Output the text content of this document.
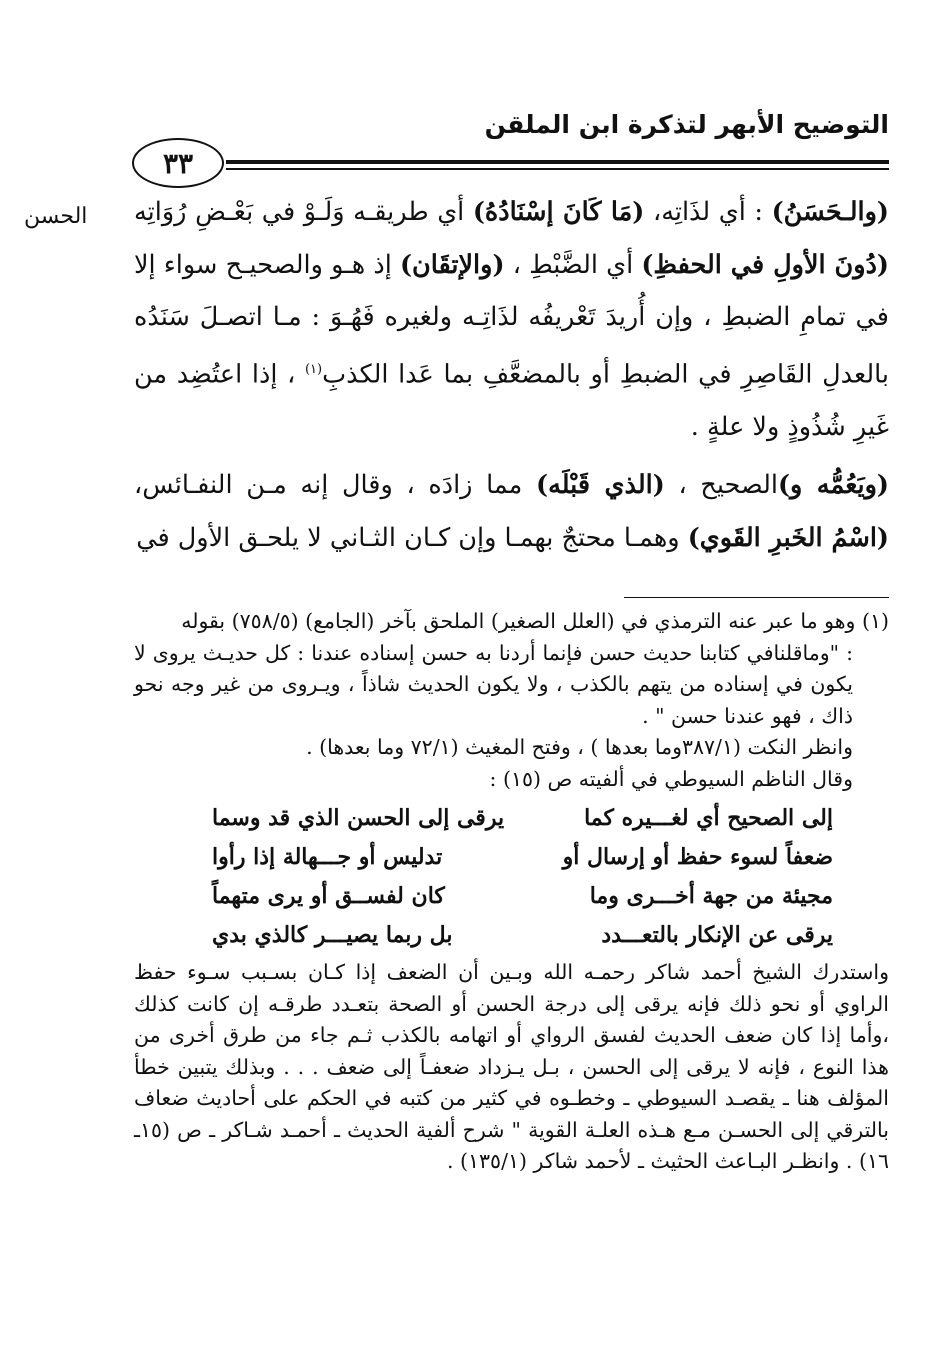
التوضيح الأبهر لتذكرة ابن الملقن
٣٣
الحسن	(والـحَسَنُ) : أي لذَاتِه، (مَا كَانَ إسْنَادُهُ) أي طريقـه وَلَـوْ في بَعْـضِ رُوَاتِه (دُونَ الأولِ في الحفظِ) أي الضَّبْطِ ، (والإتقَان) إذ هـو والصحيـح سواء إلا في تمامِ الضبطِ ، وإن أُريدَ تَعْريفُه لذَاتِـه ولغيره فَهُـوَ : مـا اتصـلَ سَنَدُه بالعدلِ القَاصِرِ في الضبطِ أو بالمضعَّفِ بما عَدا الكذبِ$^{(١)}$ ، إذا اعتُضِد من غَيرِ شُذُوذٍ ولا علةٍ .

(ويَعُمُّه و)الصحيح ، (الذي قَبْلَه) مما زادَه ، وقال إنه مـن النفـائس، (اسْمُ الخَبرِ القَوي) وهمـا محتجٌ بهمـا وإن كـان الثـاني لا يلحـق الأول في

(١) وهو ما عبر عنه الترمذي في (العلل الصغير) الملحق بآخر (الجامع) (٧٥٨/٥) بقوله

: "وماقلنافي كتابنا حديث حسن فإنما أردنا به حسن إسناده عندنا : كل حديـث يروى لا يكون في إسناده من يتهم بالكذب ، ولا يكون الحديث شاذاً ، ويـروى من غير وجه نحو ذاك ، فهو عندنا حسن " .

وانظر النكت (٣٨٧/١وما بعدها ) ، وفتح المغيث (٧٢/١ وما بعدها) .

وقال الناظم السيوطي في ألفيته ص (١٥) :

إلى الصحيح أي لغـــيره كما
يرقى إلى الحسن الذي قد وسما
ضعفاً لسوء حفظ أو إرسال أو
تدليس أو جـــهالة إذا رأوا
مجيئة من جهة أخـــرى وما
كان لفســق أو يرى متهماً
يرقى عن الإنكار بالتعـــدد
بل ربما يصيـــر كالذي بدي

واستدرك الشيخ أحمد شاكر رحمـه الله وبـين أن الضعف إذا كـان بسـبب سـوء حفظ الراوي أو نحو ذلك فإنه يرقى إلى درجة الحسن أو الصحة بتعـدد طرقـه إن كانت كذلك ،وأما إذا كان ضعف الحديث لفسق الرواي أو اتهامه بالكذب ثـم جاء من طرق أخرى من هذا النوع ، فإنه لا يرقى إلى الحسن ، بـل يـزداد ضعفـاً إلى ضعف . . . وبذلك يتبين خطأ المؤلف هنا ـ يقصـد السيوطي ـ وخطـوه في كثير من كتبه في الحكم على أحاديث ضعاف بالترقي إلى الحسـن مـع هـذه العلـة القوية " شرح ألفية الحديث ـ أحمـد شـاكر ـ ص (١٥ـ ١٦) . وانظـر البـاعث الحثيث ـ لأحمد شاكر (١٣٥/١) .
